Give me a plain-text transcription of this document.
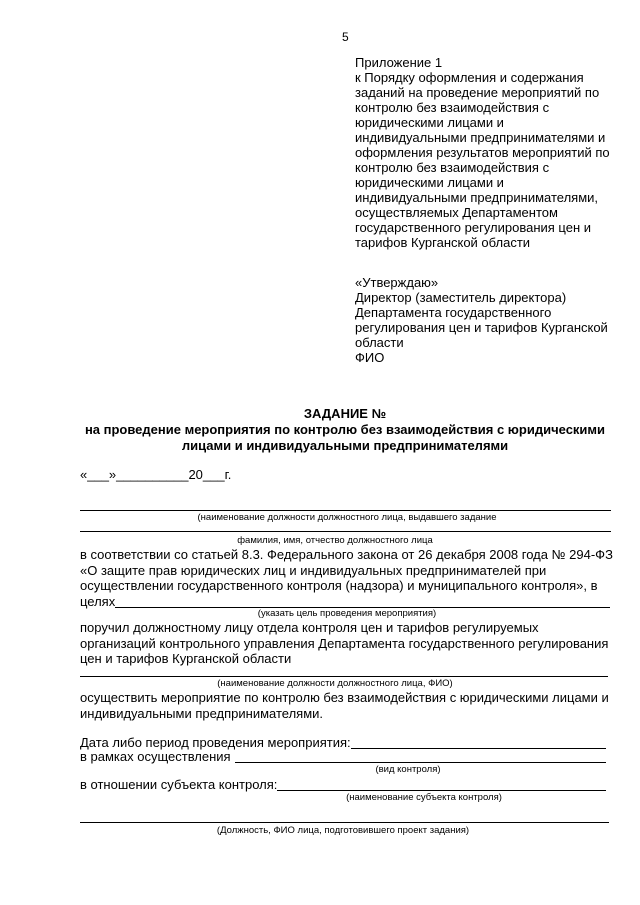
5
Приложение 1
к Порядку оформления и содержания
заданий на проведение мероприятий по
контролю без взаимодействия с
юридическими лицами и
индивидуальными предпринимателями и
оформления результатов мероприятий по
контролю без взаимодействия с
юридическими лицами и
индивидуальными предпринимателями,
осуществляемых Департаментом
государственного регулирования цен и
тарифов Курганской области
«Утверждаю»
Директор (заместитель директора)
Департамента государственного
регулирования цен и тарифов Курганской
области
ФИО
ЗАДАНИЕ №
на проведение мероприятия по контролю без взаимодействия с юридическими
лицами и индивидуальными предпринимателями
«___»__________20___г.
(наименование должности должностного лица, выдавшего задание
фамилия, имя, отчество должностного лица
в соответствии со статьей 8.3. Федерального закона от 26 декабря 2008 года № 294-ФЗ
«О защите прав юридических лиц и индивидуальных предпринимателей при
осуществлении государственного контроля (надзора) и муниципального контроля», в
целях
(указать цель проведения мероприятия)
поручил должностному лицу отдела контроля цен и тарифов регулируемых
организаций контрольного управления Департамента государственного регулирования
цен и тарифов Курганской области
(наименование должности должностного лица, ФИО)
осуществить мероприятие по контролю без взаимодействия с юридическими лицами и
индивидуальными предпринимателями.
Дата либо период проведения мероприятия:
в рамках осуществления
(вид контроля)
в отношении субъекта контроля:
(наименование субъекта контроля)
(Должность, ФИО лица, подготовившего проект задания)
